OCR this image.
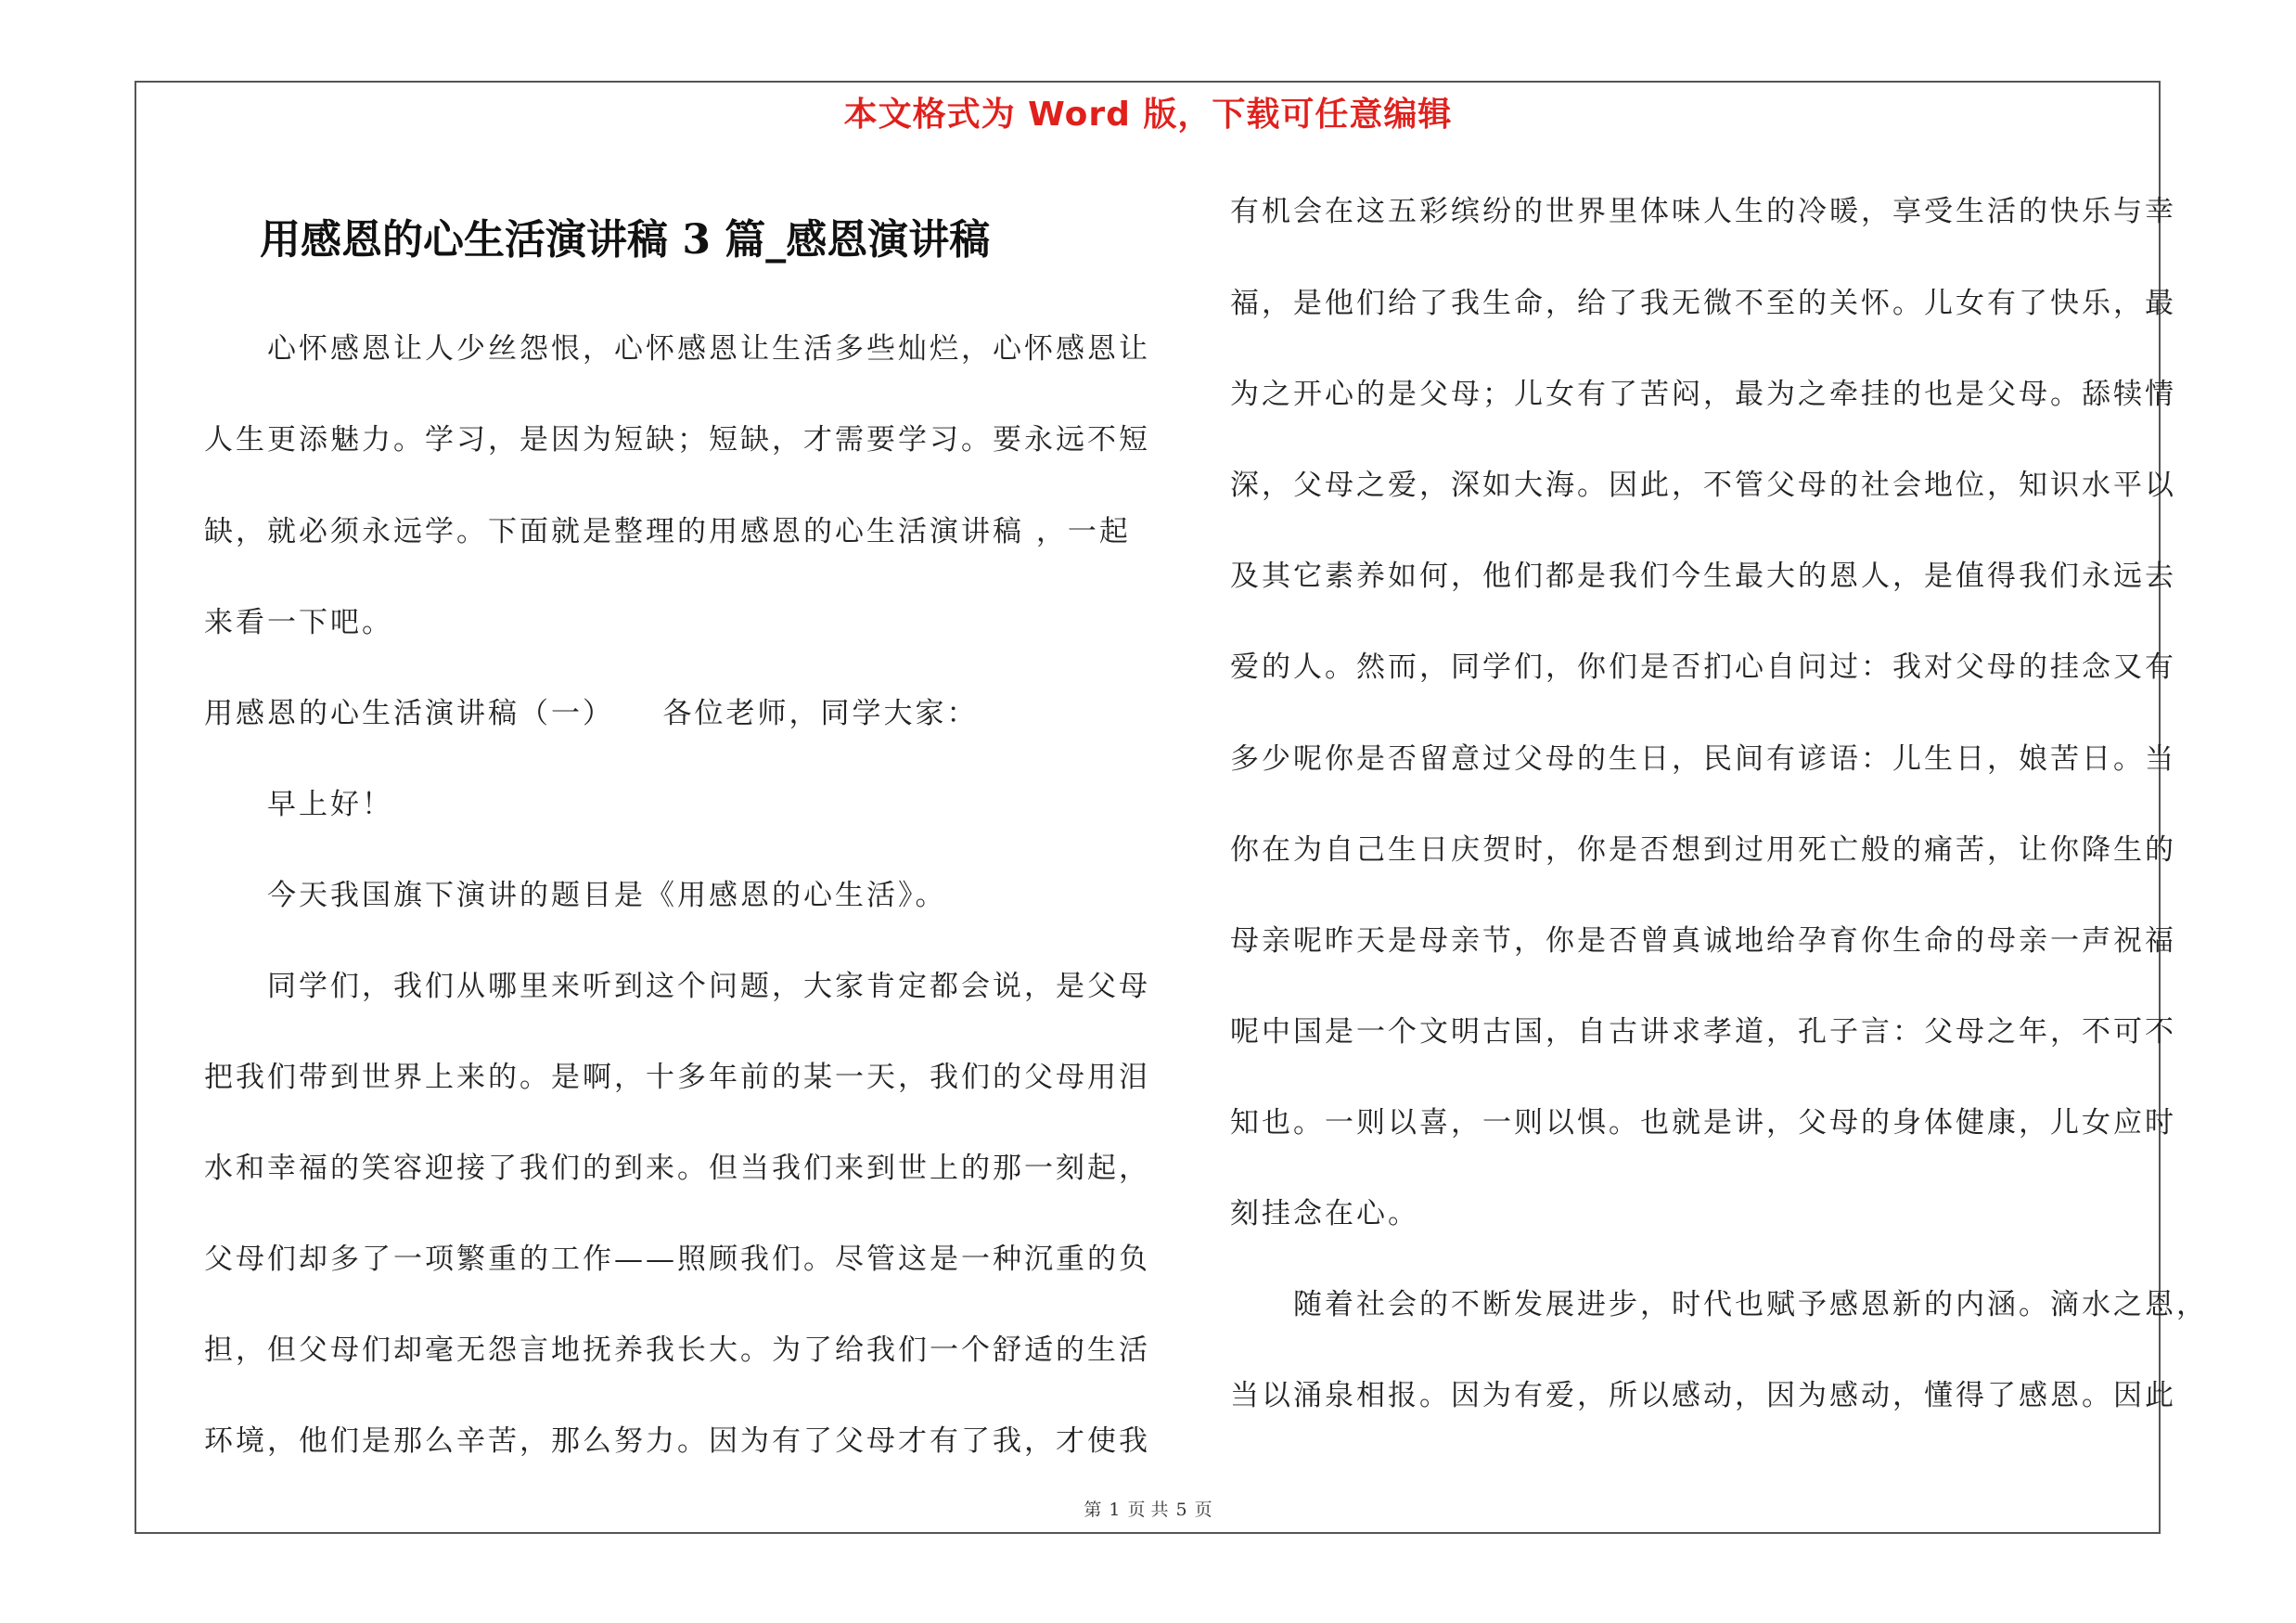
本文格式为 Word 版，下载可任意编辑
用感恩的心生活演讲稿 3 篇_感恩演讲稿
心怀感恩让人少丝怨恨，心怀感恩让生活多些灿烂，心怀感恩让
人生更添魅力。学习，是因为短缺；短缺，才需要学习。要永远不短
缺，就必须永远学。下面就是整理的用感恩的心生活演讲稿 ，一起
来看一下吧。
用感恩的心生活演讲稿（一）　　各位老师，同学大家：
早上好！
今天我国旗下演讲的题目是《用感恩的心生活》。
同学们，我们从哪里来听到这个问题，大家肯定都会说，是父母
把我们带到世界上来的。是啊，十多年前的某一天，我们的父母用泪
水和幸福的笑容迎接了我们的到来。但当我们来到世上的那一刻起，
父母们却多了一项繁重的工作——照顾我们。尽管这是一种沉重的负
担，但父母们却毫无怨言地抚养我长大。为了给我们一个舒适的生活
环境，他们是那么辛苦，那么努力。因为有了父母才有了我，才使我
有机会在这五彩缤纷的世界里体味人生的冷暖，享受生活的快乐与幸
福，是他们给了我生命，给了我无微不至的关怀。儿女有了快乐，最
为之开心的是父母；儿女有了苦闷，最为之牵挂的也是父母。舔犊情
深，父母之爱，深如大海。因此，不管父母的社会地位，知识水平以
及其它素养如何，他们都是我们今生最大的恩人，是值得我们永远去
爱的人。然而，同学们，你们是否扪心自问过：我对父母的挂念又有
多少呢你是否留意过父母的生日，民间有谚语：儿生日，娘苦日。当
你在为自己生日庆贺时，你是否想到过用死亡般的痛苦，让你降生的
母亲呢昨天是母亲节，你是否曾真诚地给孕育你生命的母亲一声祝福
呢中国是一个文明古国，自古讲求孝道，孔子言：父母之年，不可不
知也。一则以喜，一则以惧。也就是讲，父母的身体健康，儿女应时
刻挂念在心。
随着社会的不断发展进步，时代也赋予感恩新的内涵。滴水之恩，
当以涌泉相报。因为有爱，所以感动，因为感动，懂得了感恩。因此
第 1 页 共 5 页
